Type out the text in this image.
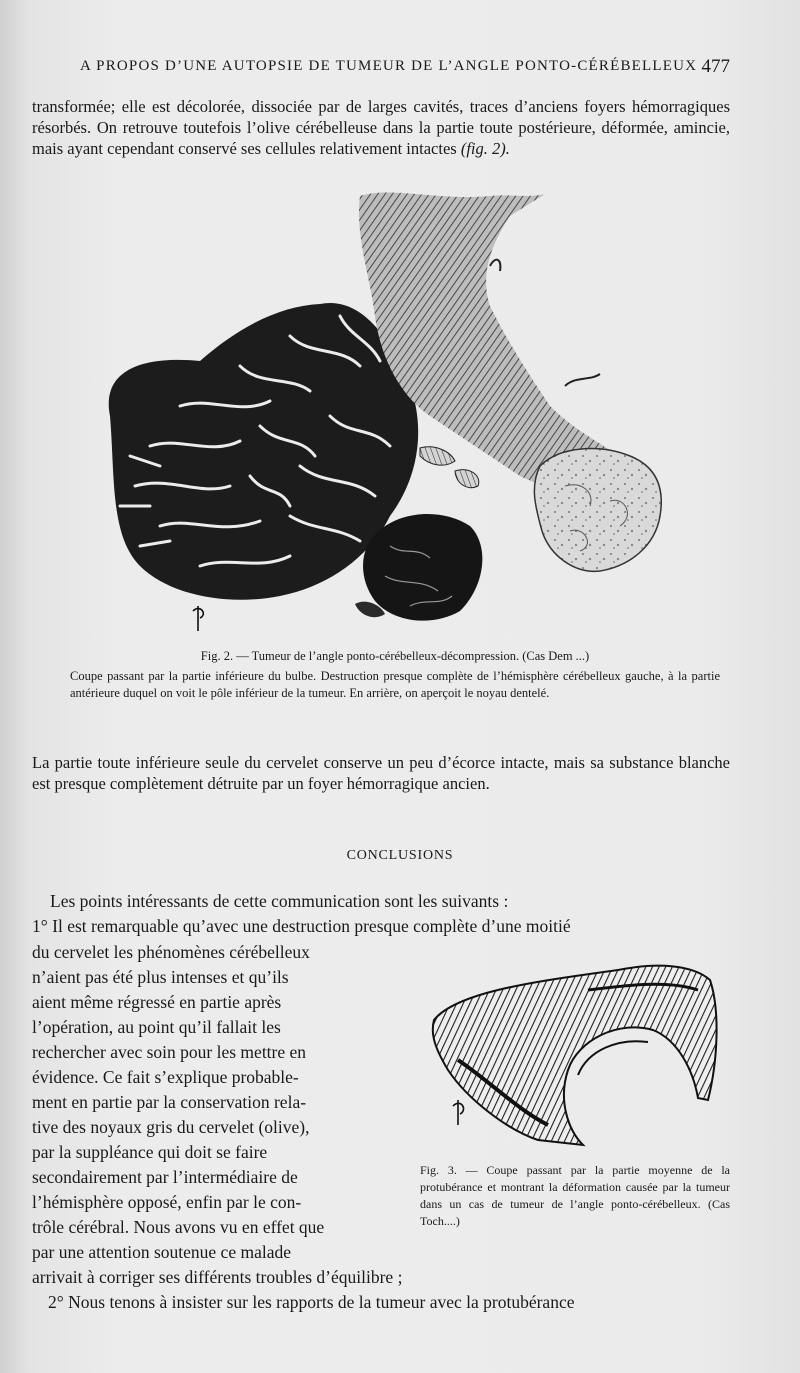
A PROPOS D’UNE AUTOPSIE DE TUMEUR DE L’ANGLE PONTO-CÉRÉBELLEUX 477
transformée; elle est décolorée, dissociée par de larges cavités, traces d’anciens foyers hémorragiques résorbés. On retrouve toutefois l’olive cérébelleuse dans la partie toute postérieure, déformée, amincie, mais ayant cependant conservé ses cellules relativement intactes (fig. 2).
Fig. 2. — Tumeur de l’angle ponto-cérébelleux-décompression. (Cas Dem ...)
Coupe passant par la partie inférieure du bulbe. Destruction presque complète de l’hémisphère cérébelleux gauche, à la partie antérieure duquel on voit le pôle inférieur de la tumeur. En arrière, on aperçoit le noyau dentelé.
La partie toute inférieure seule du cervelet conserve un peu d’écorce intacte, mais sa substance blanche est presque complètement détruite par un foyer hémorragique ancien.
CONCLUSIONS
Les points intéressants de cette communication sont les suivants :
1° Il est remarquable qu’avec une destruction presque complète d’une moitié
du cervelet les phénomènes cérébelleux
n’aient pas été plus intenses et qu’ils
aient même régressé en partie après
l’opération, au point qu’il fallait les
rechercher avec soin pour les mettre en
évidence. Ce fait s’explique probable-
ment en partie par la conservation rela-
tive des noyaux gris du cervelet (olive),
par la suppléance qui doit se faire
secondairement par l’intermédiaire de
l’hémisphère opposé, enfin par le con-
trôle cérébral. Nous avons vu en effet que
par une attention soutenue ce malade
arrivait à corriger ses différents troubles d’équilibre ;
2° Nous tenons à insister sur les rapports de la tumeur avec la protubérance
Fig. 3. — Coupe passant par la partie moyenne de la protubérance et montrant la déformation causée par la tumeur dans un cas de tumeur de l’angle ponto-cérébelleux. (Cas Toch....)
